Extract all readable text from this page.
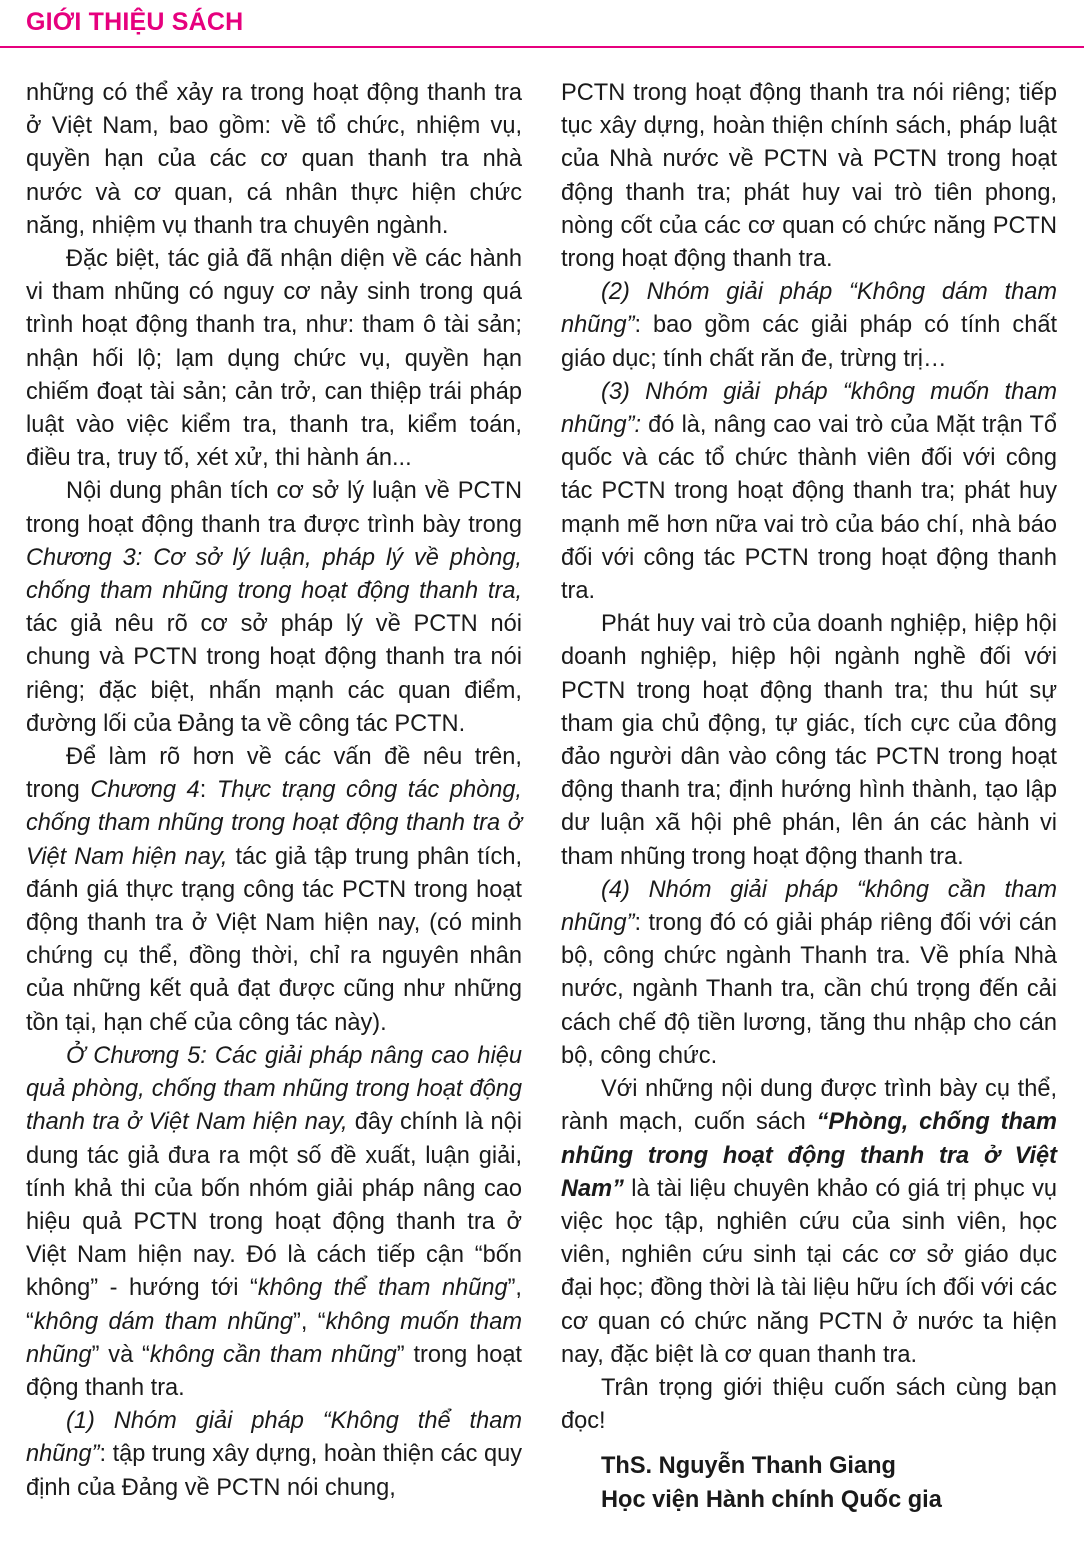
GIỚI THIỆU SÁCH

những có thể xảy ra trong hoạt động thanh tra ở Việt Nam, bao gồm: về tổ chức, nhiệm vụ, quyền hạn của các cơ quan thanh tra nhà nước và cơ quan, cá nhân thực hiện chức năng, nhiệm vụ thanh tra chuyên ngành.

Đặc biệt, tác giả đã nhận diện về các hành vi tham nhũng có nguy cơ nảy sinh trong quá trình hoạt động thanh tra, như: tham ô tài sản; nhận hối lộ; lạm dụng chức vụ, quyền hạn chiếm đoạt tài sản; cản trở, can thiệp trái pháp luật vào việc kiểm tra, thanh tra, kiểm toán, điều tra, truy tố, xét xử, thi hành án...

Nội dung phân tích cơ sở lý luận về PCTN trong hoạt động thanh tra được trình bày trong Chương 3: Cơ sở lý luận, pháp lý về phòng, chống tham nhũng trong hoạt động thanh tra, tác giả nêu rõ cơ sở pháp lý về PCTN nói chung và PCTN trong hoạt động thanh tra nói riêng; đặc biệt, nhấn mạnh các quan điểm, đường lối của Đảng ta về công tác PCTN.

Để làm rõ hơn về các vấn đề nêu trên, trong Chương 4: Thực trạng công tác phòng, chống tham nhũng trong hoạt động thanh tra ở Việt Nam hiện nay, tác giả tập trung phân tích, đánh giá thực trạng công tác PCTN trong hoạt động thanh tra ở Việt Nam hiện nay, (có minh chứng cụ thể, đồng thời, chỉ ra nguyên nhân của những kết quả đạt được cũng như những tồn tại, hạn chế của công tác này).

Ở Chương 5: Các giải pháp nâng cao hiệu quả phòng, chống tham nhũng trong hoạt động thanh tra ở Việt Nam hiện nay, đây chính là nội dung tác giả đưa ra một số đề xuất, luận giải, tính khả thi của bốn nhóm giải pháp nâng cao hiệu quả PCTN trong hoạt động thanh tra ở Việt Nam hiện nay. Đó là cách tiếp cận “bốn không” - hướng tới “không thể tham nhũng”, “không dám tham nhũng”, “không muốn tham nhũng” và “không cần tham nhũng” trong hoạt động thanh tra.

(1) Nhóm giải pháp “Không thể tham nhũng”: tập trung xây dựng, hoàn thiện các quy định của Đảng về PCTN nói chung,

PCTN trong hoạt động thanh tra nói riêng; tiếp tục xây dựng, hoàn thiện chính sách, pháp luật của Nhà nước về PCTN và PCTN trong hoạt động thanh tra; phát huy vai trò tiên phong, nòng cốt của các cơ quan có chức năng PCTN trong hoạt động thanh tra.

(2) Nhóm giải pháp “Không dám tham nhũng”: bao gồm các giải pháp có tính chất giáo dục; tính chất răn đe, trừng trị…

(3) Nhóm giải pháp “không muốn tham nhũng”: đó là, nâng cao vai trò của Mặt trận Tổ quốc và các tổ chức thành viên đối với công tác PCTN trong hoạt động thanh tra; phát huy mạnh mẽ hơn nữa vai trò của báo chí, nhà báo đối với công tác PCTN trong hoạt động thanh tra.

Phát huy vai trò của doanh nghiệp, hiệp hội doanh nghiệp, hiệp hội ngành nghề đối với PCTN trong hoạt động thanh tra; thu hút sự tham gia chủ động, tự giác, tích cực của đông đảo người dân vào công tác PCTN trong hoạt động thanh tra; định hướng hình thành, tạo lập dư luận xã hội phê phán, lên án các hành vi tham nhũng trong hoạt động thanh tra.

(4) Nhóm giải pháp “không cần tham nhũng”: trong đó có giải pháp riêng đối với cán bộ, công chức ngành Thanh tra. Về phía Nhà nước, ngành Thanh tra, cần chú trọng đến cải cách chế độ tiền lương, tăng thu nhập cho cán bộ, công chức.

Với những nội dung được trình bày cụ thể, rành mạch, cuốn sách “Phòng, chống tham nhũng trong hoạt động thanh tra ở Việt Nam” là tài liệu chuyên khảo có giá trị phục vụ việc học tập, nghiên cứu của sinh viên, học viên, nghiên cứu sinh tại các cơ sở giáo dục đại học; đồng thời là tài liệu hữu ích đối với các cơ quan có chức năng PCTN ở nước ta hiện nay, đặc biệt là cơ quan thanh tra.

Trân trọng giới thiệu cuốn sách cùng bạn đọc!

ThS. Nguyễn Thanh Giang

Học viện Hành chính Quốc gia
